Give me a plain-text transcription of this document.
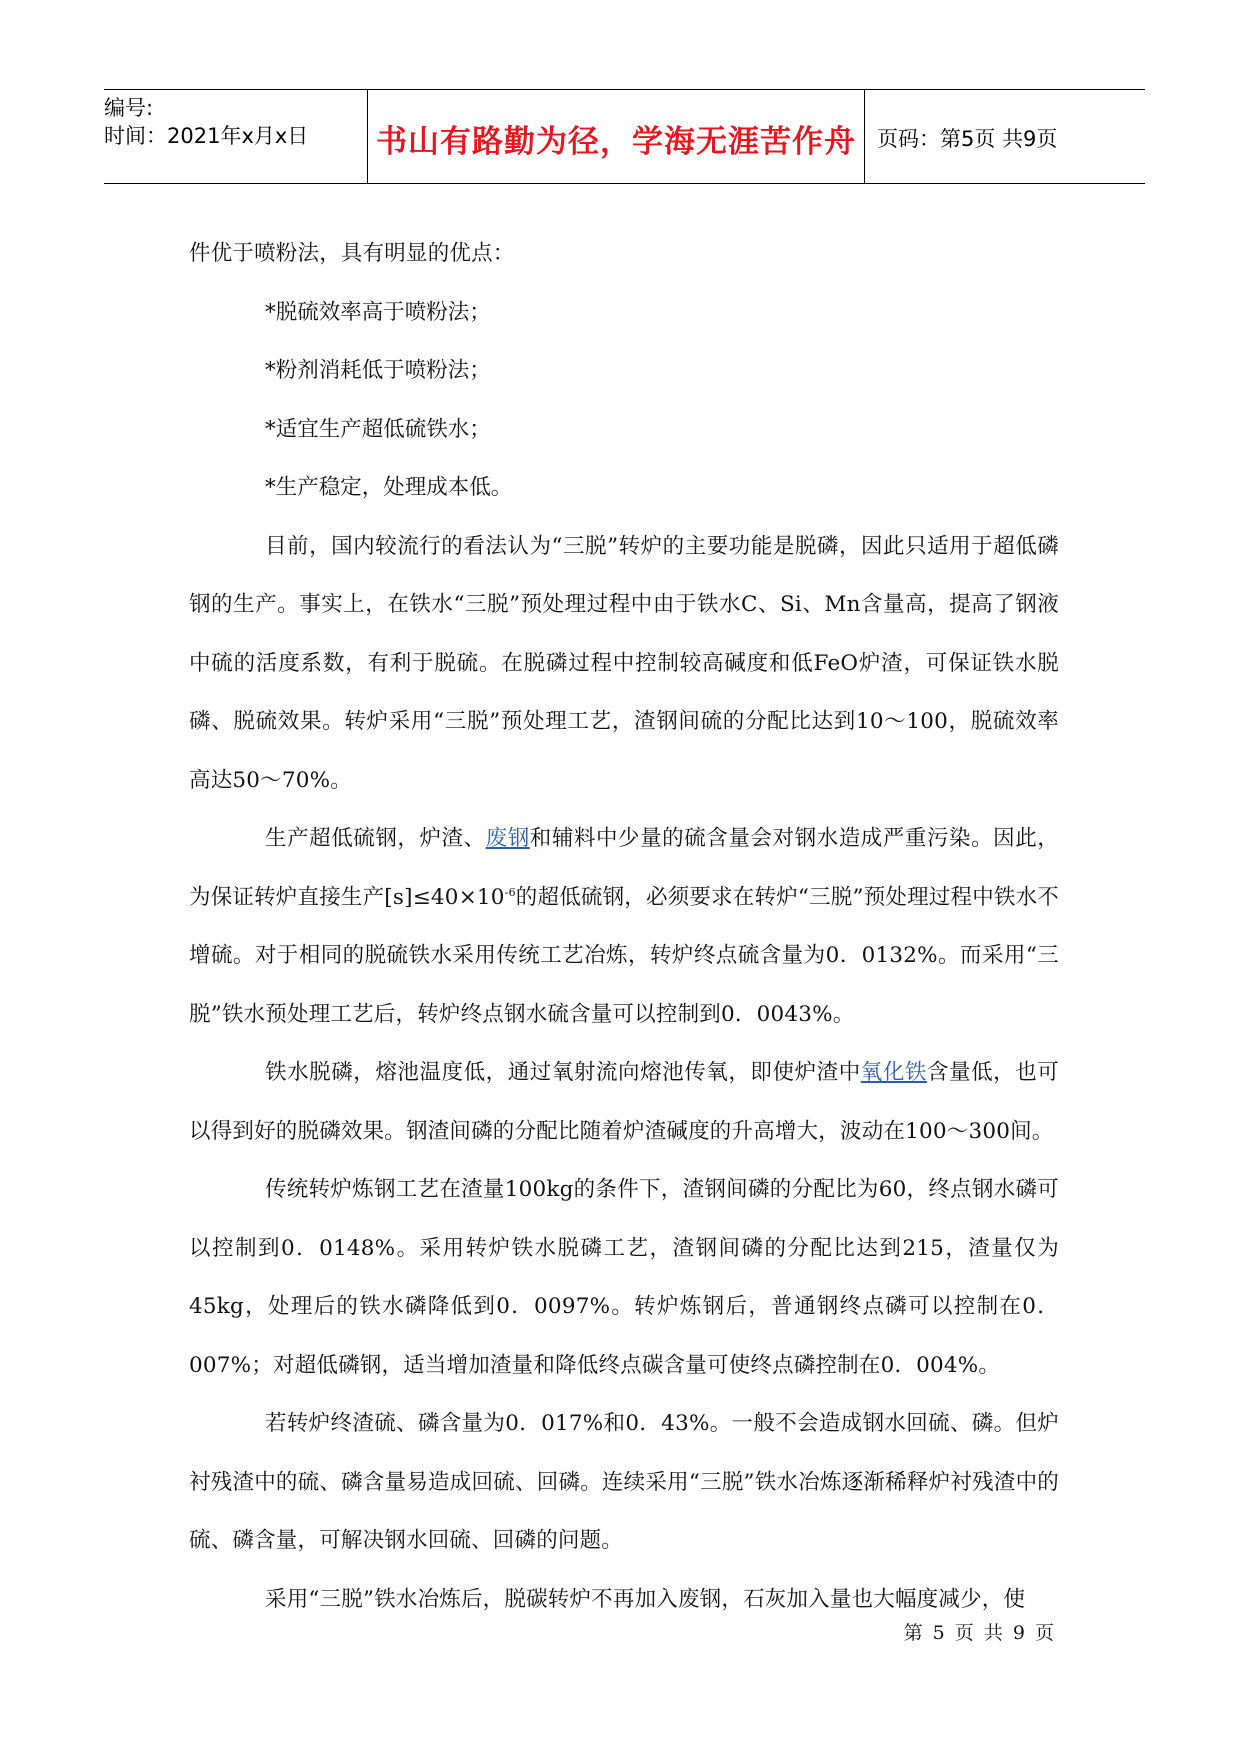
编号:
时间：2021年x月x日 书山有路勤为径，学海无涯苦作舟	页码：第5页 共9页

件优于喷粉法，具有明显的优点：

*脱硫效率高于喷粉法；

*粉剂消耗低于喷粉法；

*适宜生产超低硫铁水；

*生产稳定，处理成本低。

目前，国内较流行的看法认为“三脱”转炉的主要功能是脱磷，因此只适用于超低磷钢的生产。事实上，在铁水“三脱”预处理过程中由于铁水C、Si、Mn含量高，提高了钢液中硫的活度系数，有利于脱硫。在脱磷过程中控制较高碱度和低FeO炉渣，可保证铁水脱磷、脱硫效果。转炉采用“三脱”预处理工艺，渣钢间硫的分配比达到10～100，脱硫效率高达50～70%。

生产超低硫钢，炉渣、废钢和辅料中少量的硫含量会对钢水造成严重污染。因此，为保证转炉直接生产$[s]\le 40\times 10^{-6}$的超低硫钢，必须要求在转炉“三脱”预处理过程中铁水不增硫。对于相同的脱硫铁水采用传统工艺冶炼，转炉终点硫含量为0．0132%。而采用“三脱”铁水预处理工艺后，转炉终点钢水硫含量可以控制到0．0043%。

铁水脱磷，熔池温度低，通过氧射流向熔池传氧，即使炉渣中氧化铁含量低，也可以得到好的脱磷效果。钢渣间磷的分配比随着炉渣碱度的升高增大，波动在100～300间。

传统转炉炼钢工艺在渣量100kg的条件下，渣钢间磷的分配比为60，终点钢水磷可以控制到0．0148%。采用转炉铁水脱磷工艺，渣钢间磷的分配比达到215，渣量仅为45kg，处理后的铁水磷降低到0．0097%。转炉炼钢后，普通钢终点磷可以控制在0．007%；对超低磷钢，适当增加渣量和降低终点碳含量可使终点磷控制在0．004%。

若转炉终渣硫、磷含量为0．017%和0．43%。一般不会造成钢水回硫、磷。但炉衬残渣中的硫、磷含量易造成回硫、回磷。连续采用“三脱”铁水冶炼逐渐稀释炉衬残渣中的硫、磷含量，可解决钢水回硫、回磷的问题。

采用“三脱”铁水冶炼后，脱碳转炉不再加入废钢，石灰加入量也大幅度减少，使

第 5 页 共 9 页
